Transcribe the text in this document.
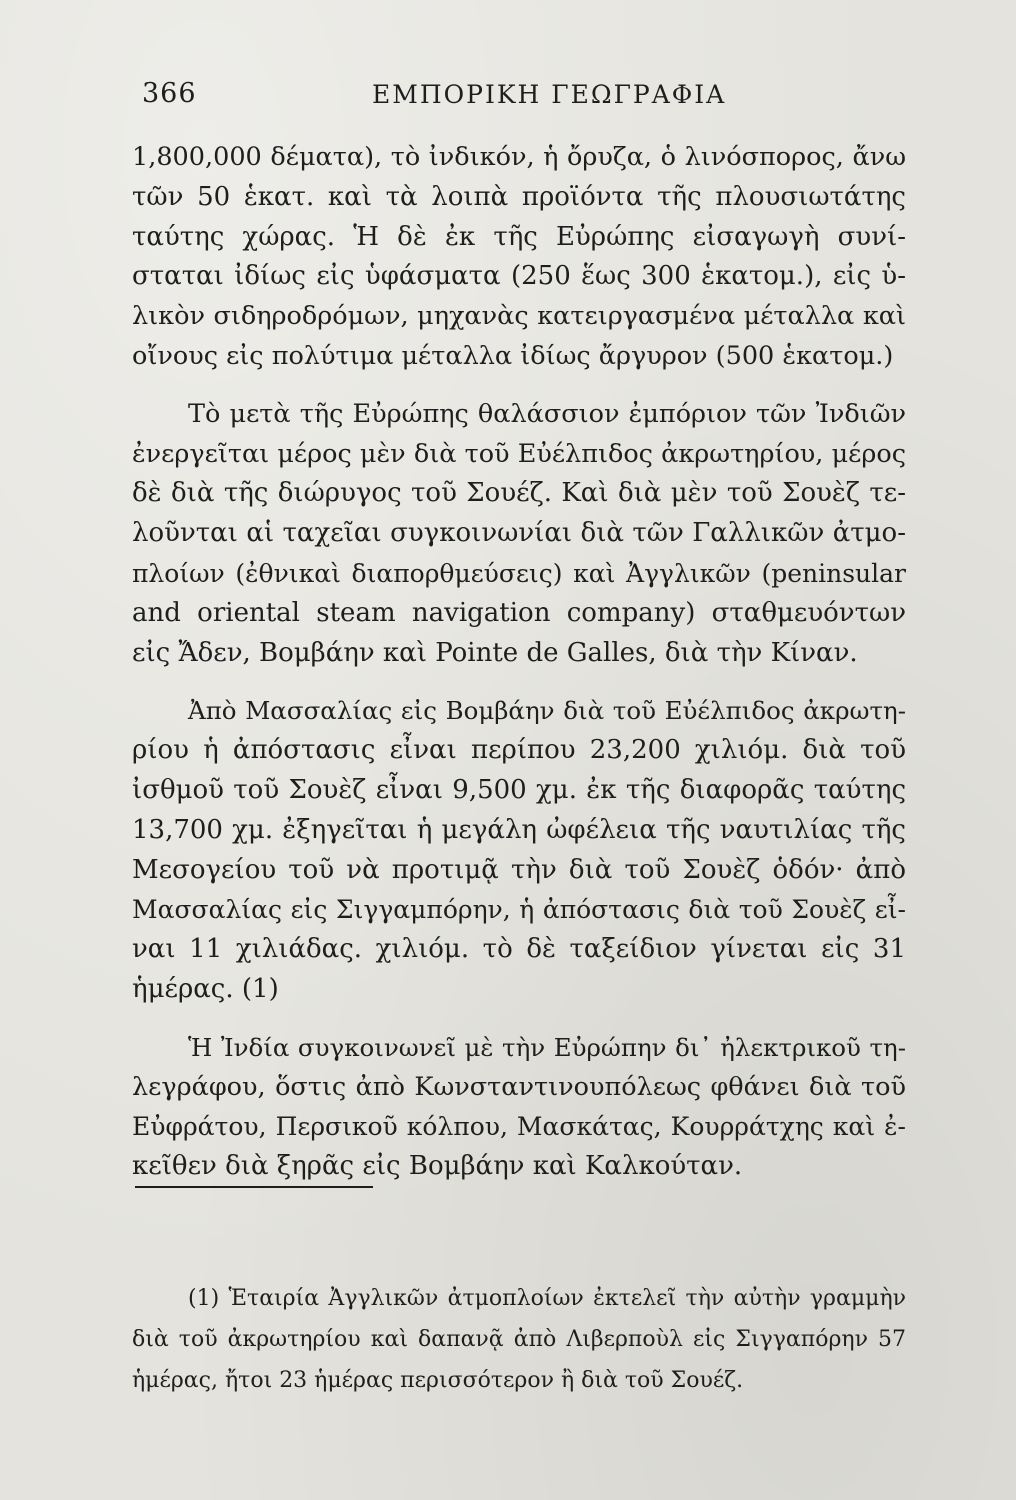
366	ΕΜΠΟΡΙΚΗ ΓΕΩΓΡΑΦΙΑ
1,800,000 δέματα), τὸ ἰνδικόν, ἡ ὄρυζα, ὁ λινόσπορος, ἄνω
τῶν 50 ἑκατ. καὶ τὰ λοιπὰ προϊόντα τῆς πλουσιωτάτης
ταύτης χώρας. Ἡ δὲ ἐκ τῆς Εὐρώπης εἰσαγωγὴ συνί-
σταται ἰδίως εἰς ὑφάσματα (250 ἕως 300 ἑκατομ.), εἰς ὑ-
λικὸν σιδηροδρόμων, μηχανὰς κατειργασμένα μέταλλα καὶ
οἴνους εἰς πολύτιμα μέταλλα ἰδίως ἄργυρον (500 ἑκατομ.)
Τὸ μετὰ τῆς Εὐρώπης θαλάσσιον ἐμπόριον τῶν Ἰνδιῶν
ἐνεργεῖται μέρος μὲν διὰ τοῦ Εὐέλπιδος ἀκρωτηρίου, μέρος
δὲ διὰ τῆς διώρυγος τοῦ Σουέζ. Καὶ διὰ μὲν τοῦ Σουὲζ τε-
λοῦνται αἱ ταχεῖαι συγκοινωνίαι διὰ τῶν Γαλλικῶν ἀτμο-
πλοίων (ἐθνικαὶ διαπορθμεύσεις) καὶ Ἀγγλικῶν (peninsular
and oriental steam navigation company) σταθμευόντων
εἰς Ἄδεν, Βομβάην καὶ Pointe de Galles, διὰ τὴν Κίναν.
Ἀπὸ Μασσαλίας εἰς Βομβάην διὰ τοῦ Εὐέλπιδος ἀκρωτη-
ρίου ἡ ἀπόστασις εἶναι περίπου 23,200 χιλιόμ. διὰ τοῦ
ἰσθμοῦ τοῦ Σουὲζ εἶναι 9,500 χμ. ἐκ τῆς διαφορᾶς ταύτης
13,700 χμ. ἐξηγεῖται ἡ μεγάλη ὠφέλεια τῆς ναυτιλίας τῆς
Μεσογείου τοῦ νὰ προτιμᾷ τὴν διὰ τοῦ Σουὲζ ὁδόν· ἀπὸ
Μασσαλίας εἰς Σιγγαμπόρην, ἡ ἀπόστασις διὰ τοῦ Σουὲζ εἶ-
ναι 11 χιλιάδας. χιλιόμ. τὸ δὲ ταξείδιον γίνεται εἰς 31
ἡμέρας. (1)
Ἡ Ἰνδία συγκοινωνεῖ μὲ τὴν Εὐρώπην δι᾽ ἠλεκτρικοῦ τη-
λεγράφου, ὅστις ἀπὸ Κωνσταντινουπόλεως φθάνει διὰ τοῦ
Εὐφράτου, Περσικοῦ κόλπου, Μασκάτας, Κουρράτχης καὶ ἐ-
κεῖθεν διὰ ξηρᾶς εἰς Βομβάην καὶ Καλκούταν.
(1) Ἑταιρία Ἀγγλικῶν ἀτμοπλοίων ἐκτελεῖ τὴν αὐτὴν γραμμὴν
διὰ τοῦ ἀκρωτηρίου καὶ δαπανᾷ ἀπὸ Λιβερποὺλ εἰς Σιγγαπόρην 57
ἡμέρας, ἤτοι 23 ἡμέρας περισσότερον ἢ διὰ τοῦ Σουέζ.
